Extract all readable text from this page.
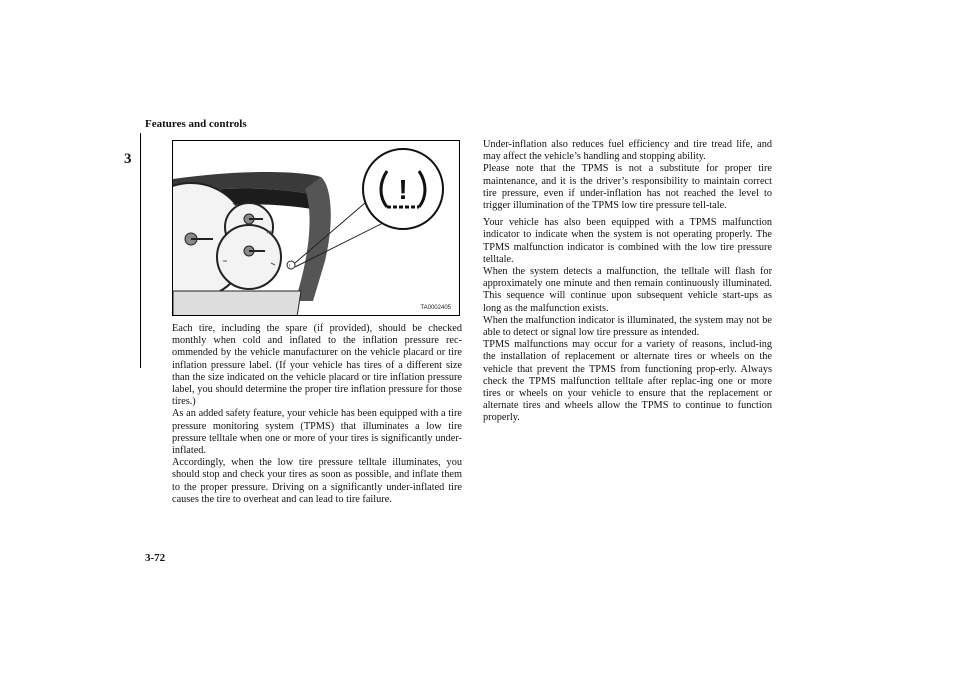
Features and controls
3
!
!
TA0002405

Each tire, including the spare (if provided), should be checked monthly when cold and inflated to the inflation pressure rec-ommended by the vehicle manufacturer on the vehicle placard or tire inflation pressure label. (If your vehicle has tires of a different size than the size indicated on the vehicle placard or tire inflation pressure label, you should determine the proper tire inflation pressure for those tires.)

As an added safety feature, your vehicle has been equipped with a tire pressure monitoring system (TPMS) that illuminates a low tire pressure telltale when one or more of your tires is significantly under-inflated.

Accordingly, when the low tire pressure telltale illuminates, you should stop and check your tires as soon as possible, and inflate them to the proper pressure. Driving on a significantly under-inflated tire causes the tire to overheat and can lead to tire failure.

Under-inflation also reduces fuel efficiency and tire tread life, and may affect the vehicle’s handling and stopping ability.

Please note that the TPMS is not a substitute for proper tire maintenance, and it is the driver’s responsibility to maintain correct tire pressure, even if under-inflation has not reached the level to trigger illumination of the TPMS low tire pressure tell-tale.

Your vehicle has also been equipped with a TPMS malfunction indicator to indicate when the system is not operating properly. The TPMS malfunction indicator is combined with the low tire pressure telltale.

When the system detects a malfunction, the telltale will flash for approximately one minute and then remain continuously illuminated. This sequence will continue upon subsequent vehicle start-ups as long as the malfunction exists.

When the malfunction indicator is illuminated, the system may not be able to detect or signal low tire pressure as intended.

TPMS malfunctions may occur for a variety of reasons, includ-ing the installation of replacement or alternate tires or wheels on the vehicle that prevent the TPMS from functioning prop-erly. Always check the TPMS malfunction telltale after replac-ing one or more tires or wheels on your vehicle to ensure that the replacement or alternate tires and wheels allow the TPMS to continue to function properly.

3-72
